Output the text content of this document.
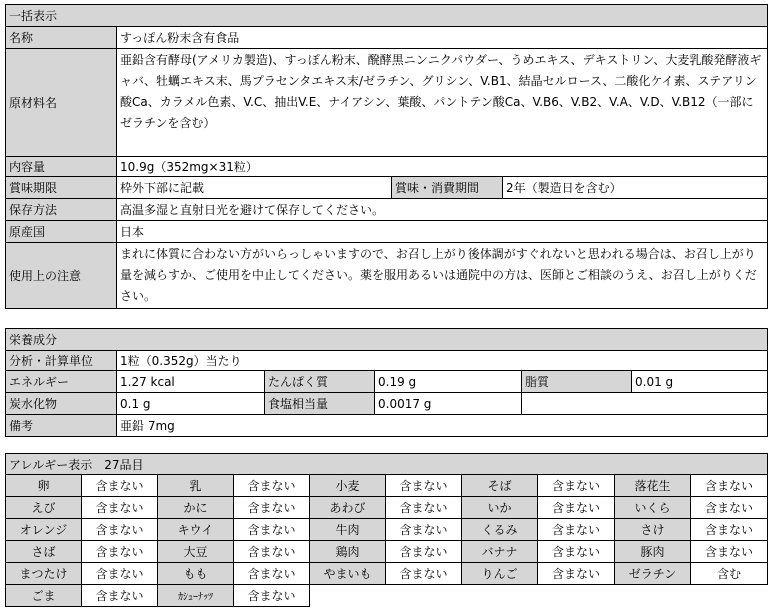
一括表示			
名称	すっぽん粉末含有食品		
原材料名	亜鉛含有酵母(アメリカ製造)、すっぽん粉末、醗酵黒ニンニクパウダー、うめエキス、デキストリン、大麦乳酸発酵液ギャバ、牡蠣エキス末、馬プラセンタエキス末/ゼラチン、グリシン、V.B1、結晶セルロース、二酸化ケイ素、ステアリン酸Ca、カラメル色素、V.C、抽出V.E、ナイアシン、葉酸、パントテン酸Ca、V.B6、V.B2、V.A、V.D、V.B12（一部にゼラチンを含む）		
内容量	10.9g（352mg×31粒）		
賞味期限	枠外下部に記載	賞味・消費期間	2年（製造日を含む）
保存方法	高温多湿と直射日光を避けて保存してください。		
原産国	日本		
使用上の注意	まれに体質に合わない方がいらっしゃいますので、お召し上がり後体調がすぐれないと思われる場合は、お召し上がり量を減らすか、ご使用を中止してください。薬を服用あるいは通院中の方は、医師とご相談のうえ、お召し上がりください。		
栄養成分					
分析・計算単位	1粒（0.352g）当たり				
エネルギー	1.27 kcal	たんぱく質	0.19 g	脂質	0.01 g
炭水化物	0.1 g	食塩相当量	0.0017 g		
備考	亜鉛 7mg				
アレルギー表示　27品目									
卵	含まない	乳	含まない	小麦	含まない	そば	含まない	落花生	含まない
えび	含まない	かに	含まない	あわび	含まない	いか	含まない	いくら	含まない
オレンジ	含まない	キウイ	含まない	牛肉	含まない	くるみ	含まない	さけ	含まない
さば	含まない	大豆	含まない	鶏肉	含まない	バナナ	含まない	豚肉	含まない
まつたけ	含まない	もも	含まない	やまいも	含まない	りんご	含まない	ゼラチン	含む
ごま	含まない	ｶｼｭｰﾅｯﾂ	含まない						
